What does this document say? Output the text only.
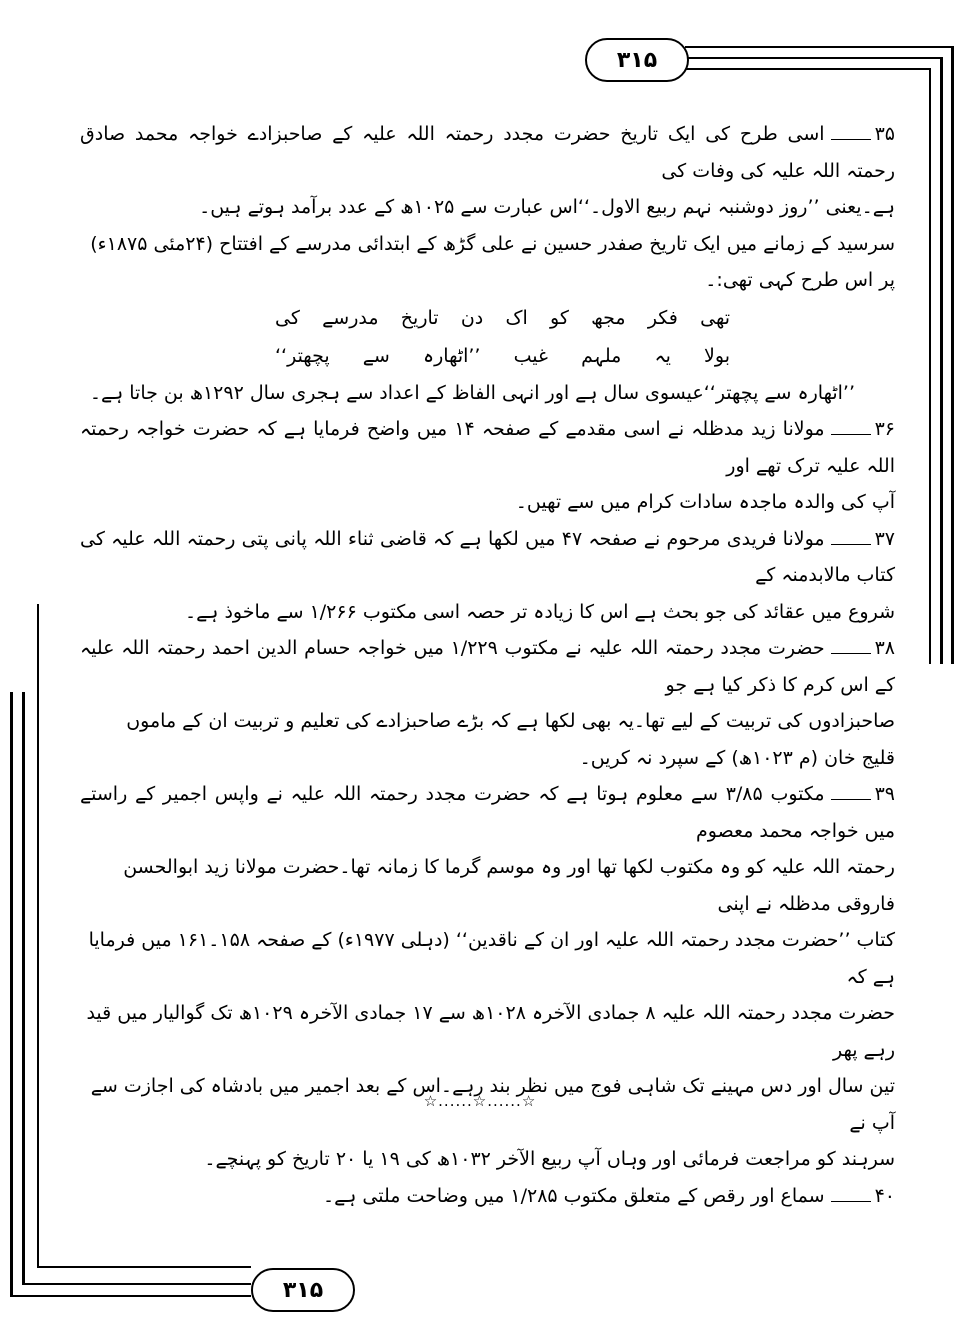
۳۱۵
۳۱۵

۳۵اسی طرح کی ایک تاریخ حضرت مجدد رحمتہ اللہ علیہ کے صاحبزادے خواجہ محمد صادق رحمتہ اللہ علیہ کی وفات کی

ہے۔یعنی ’’روز دوشنبہ نہم ربیع الاول۔‘‘اس عبارت سے ۱۰۲۵ھ کے عدد برآمد ہوتے ہیں۔

سرسید کے زمانے میں ایک تاریخ صفدر حسین نے علی گڑھ کے ابتدائی مدرسے کے افتتاح (۲۴مئی ۱۸۷۵ء)

پر اس طرح کہی تھی:۔

تھی
فکر
مجھ
کو
اک
دن
تاریخ
مدرسے
کی
بولا
یہ
ملہم
غیب
’’اٹھارہ
سے
پچھتر‘‘

’’اٹھارہ سے پچھتر‘‘عیسوی سال ہے اور انہی الفاظ کے اعداد سے ہجری سال ۱۲۹۲ھ بن جاتا ہے۔

۳۶مولانا زید مدظلہ نے اسی مقدمے کے صفحہ ۱۴ میں واضح فرمایا ہے کہ حضرت خواجہ رحمتہ اللہ علیہ ترک تھے اور

آپ کی والدہ ماجدہ سادات کرام میں سے تھیں۔

۳۷مولانا فریدی مرحوم نے صفحہ ۴۷ میں لکھا ہے کہ قاضی ثناء اللہ پانی پتی رحمتہ اللہ علیہ کی کتاب مالابدمنہ کے

شروع میں عقائد کی جو بحث ہے اس کا زیادہ تر حصہ اسی مکتوب ۱/۲۶۶ سے ماخوذ ہے۔

۳۸حضرت مجدد رحمتہ اللہ علیہ نے مکتوب ۱/۲۲۹ میں خواجہ حسام الدین احمد رحمتہ اللہ علیہ کے اس کرم کا ذکر کیا ہے جو

صاحبزادوں کی تربیت کے لیے تھا۔یہ بھی لکھا ہے کہ بڑے صاحبزادے کی تعلیم و تربیت ان کے ماموں

قلیج خان (م ۱۰۲۳ھ) کے سپرد نہ کریں۔

۳۹مکتوب ۳/۸۵ سے معلوم ہوتا ہے کہ حضرت مجدد رحمتہ اللہ علیہ نے واپس اجمیر کے راستے میں خواجہ محمد معصوم

رحمتہ اللہ علیہ کو وہ مکتوب لکھا تھا اور وہ موسم گرما کا زمانہ تھا۔حضرت مولانا زید ابوالحسن فاروقی مدظلہ نے اپنی

کتاب ’’حضرت مجدد رحمتہ اللہ علیہ اور ان کے ناقدین‘‘ (دہلی ۱۹۷۷ء) کے صفحہ ۱۵۸۔۱۶۱ میں فرمایا ہے کہ

حضرت مجدد رحمتہ اللہ علیہ ۸ جمادی الآخرہ ۱۰۲۸ھ سے ۱۷ جمادی الآخرہ ۱۰۲۹ھ تک گوالیار میں قید رہے پھر

تین سال اور دس مہینے تک شاہی فوج میں نظر بند رہے۔اس کے بعد اجمیر میں بادشاہ کی اجازت سے آپ نے

سرہند کو مراجعت فرمائی اور وہاں آپ ربیع الآخر ۱۰۳۲ھ کی ۱۹ یا ۲۰ تاریخ کو پہنچے۔

۴۰سماع اور رقص کے متعلق مکتوب ۱/۲۸۵ میں وضاحت ملتی ہے۔

☆......☆......☆
